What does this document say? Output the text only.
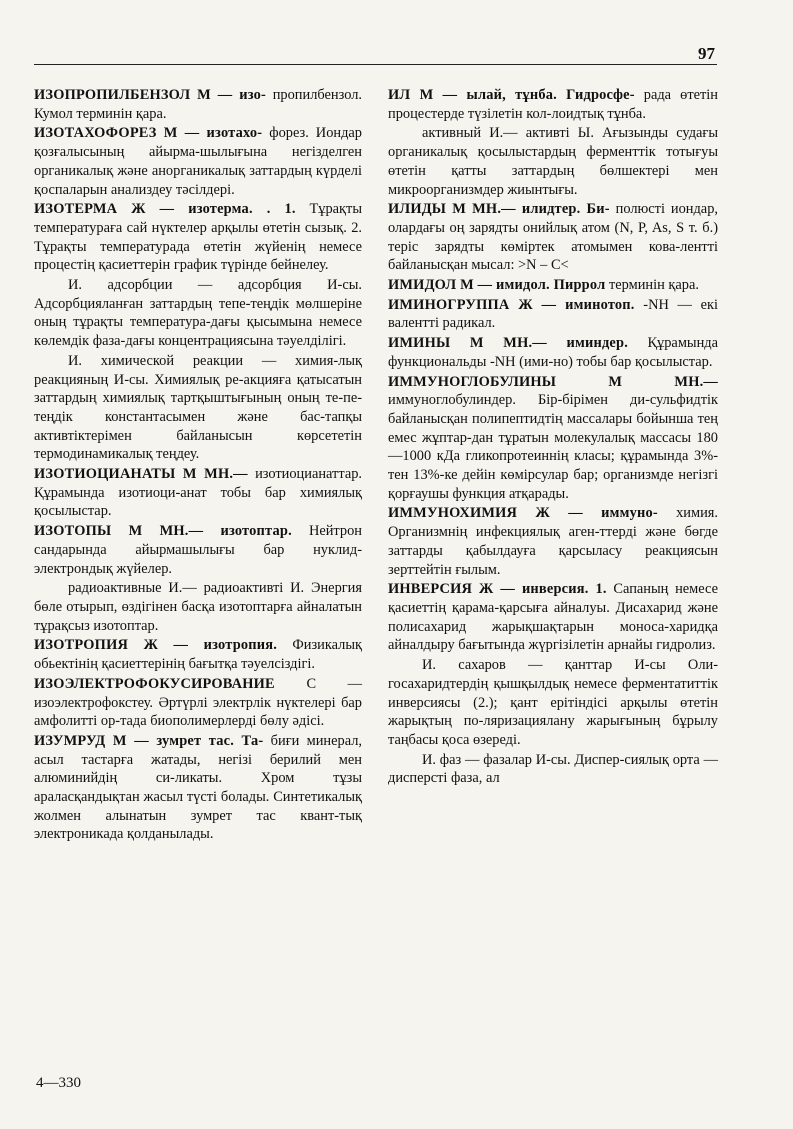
97
ИЗОПРОПИЛБЕНЗОЛ М — изо- пропилбензол. Кумол терминін қара.
ИЗОТАХОФОРЕЗ М — изотахо- форез. Иондар қозғалысының айырма-шылығына негізделген органикалық және анорганикалық заттардың күрделі қоспаларын анализдеу тәсілдері.
ИЗОТЕРМА Ж — изотерма. . 1. Тұрақты температураға сай нүктелер арқылы өтетін сызық. 2. Тұрақты температурада өтетін жүйенің немесе процестің қасиеттерін график түрінде бейнелеу.
И. адсорбции — адсорбция И-сы. Адсорбцияланған заттардың тепе-теңдік мөлшеріне оның тұрақты температура-дағы қысымына немесе көлемдік фаза-дағы концентрациясына тәуелділігі.
И. химической реакции — химия-лық реакцияның И-сы. Химиялық ре-акцияға қатысатын заттардың химиялық тартқыштығының оның те-пе-теңдік константасымен және бас-тапқы активтіктерімен байланысын көрсететін термодинамикалық теңдеу.
ИЗОТИОЦИАНАТЫ М МН.— изотиоцианаттар. Құрамында изотиоци-анат тобы бар химиялық қосылыстар.
ИЗОТОПЫ М МН.— изотоптар. Нейтрон сандарында айырмашылығы бар нуклид-электрондық жүйелер.
радиоактивные И.— радиоактивті И. Энергия бөле отырып, өздігінен басқа изотоптарға айналатын тұрақсыз изотоптар.
ИЗОТРОПИЯ Ж — изотропия. Физикалық обьектінің қасиеттерінің бағытқа тәуелсіздігі.
ИЗОЭЛЕКТРОФОКУСИРОВАНИЕ С — изоэлектрофокстеу. Әртүрлі электрлік нүктелері бар амфолитті ор-тада биополимерлерді бөлу әдісі.
ИЗУМРУД М — зумрет тас. Та- биғи минерал, асыл тастарға жатады, негізі берилий мен алюминийдің си-ликаты. Хром тұзы араласқандықтан жасыл түсті болады. Синтетикалық жолмен алынатын зумрет тас квант-тық электроникада қолданылады.
ИЛ М — ылай, тұнба. Гидросфе- рада өтетін процестерде түзілетін кол-лоидтық тұнба.
активный И.— активті Ы. Ағызынды судағы органикалық қосылыстардың ферменттік тотығуы өтетін қатты заттардың бөлшектері мен микроорганизмдер жиынтығы.
ИЛИДЫ М МН.— илидтер. Би- полюсті иондар, олардағы оң зарядты онийлық атом (N, P, As, S т. б.) теріс зарядты көміртек атомымен кова-лентті байланысқан мысал: >N – C<
ИМИДОЛ М — имидол. Пиррол терминін қара.
ИМИНОГРУППА Ж — иминотоп. -NH — екі валентті радикал.
ИМИНЫ М МН.— иминдер. Құрамында функциональды -NH (ими-но) тобы бар қосылыстар.
ИММУНОГЛОБУЛИНЫ М МН.— иммуноглобулиндер. Бір-бірімен ди-сульфидтік байланысқан полипептидтің массалары бойынша тең емес жұптар-дан тұратын молекулалық массасы 180—1000 кДа гликопротеиннің класы; құрамында 3%-тен 13%-ке дейін көмірсулар бар; организмде негізгі қорғаушы функция атқарады.
ИММУНОХИМИЯ Ж — иммуно- химия. Организмнің инфекциялық аген-ттерді және бөгде заттарды қабылдауға қарсыласу реакциясын зерттейтін ғылым.
ИНВЕРСИЯ Ж — инверсия. 1. Сапаның немесе қасиеттің қарама-қарсыға айналуы. Дисахарид және полисахарид жарықшақтарын моноса-харидқа айналдыру бағытында жүргізілетін арнайы гидролиз.
И. сахаров — қанттар И-сы Оли-госахаридтердің қышқылдық немесе ферментатиттік инверсиясы (2.); қант ерітіндісі арқылы өтетін жарықтың по-ляризациялану жарығының бұрылу таңбасы қоса өзереді.
И. фаз — фазалар И-сы. Диспер-сиялық орта — дисперсті фаза, ал
4—330
